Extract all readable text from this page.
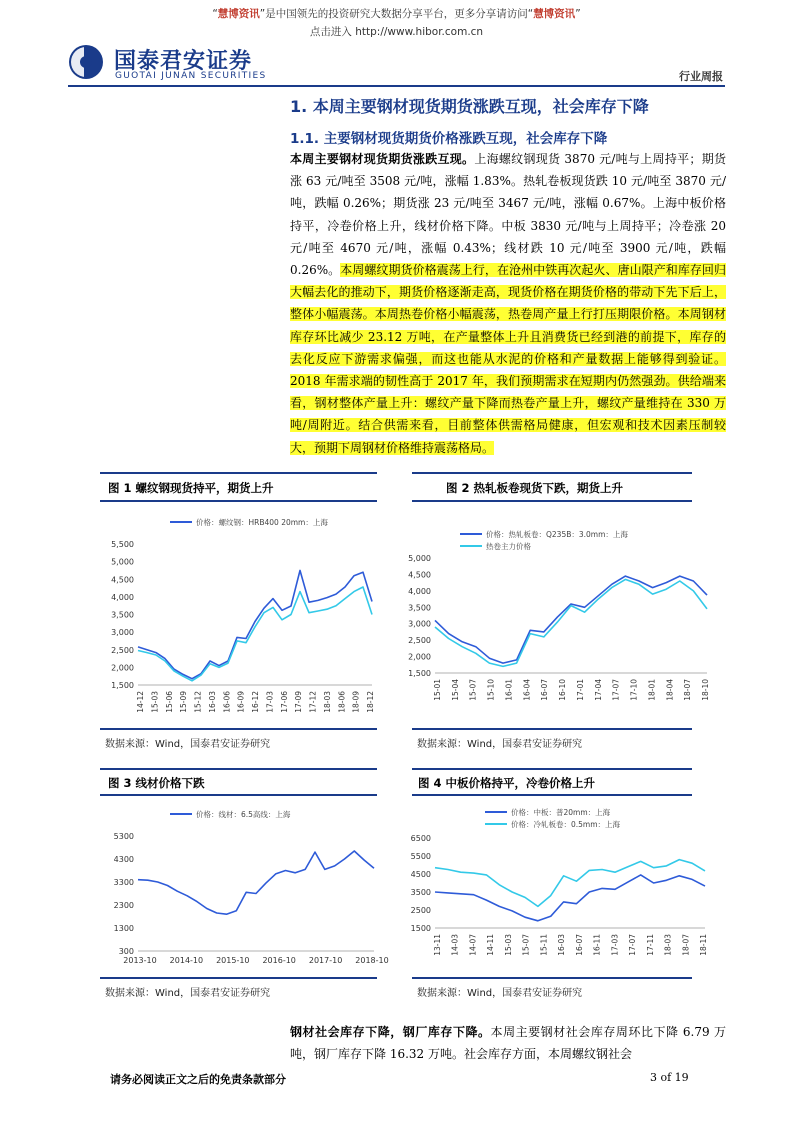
“慧博资讯”是中国领先的投资研究大数据分享平台，更多分享请访问“慧博资讯”
点击进入 http://www.hibor.com.cn
国泰君安证券
GUOTAI JUNAN SECURITIES	行业周报
1. 本周主要钢材现货期货涨跌互现，社会库存下降
1.1. 主要钢材现货期货价格涨跌互现，社会库存下降
本周主要钢材现货期货涨跌互现。上海螺纹钢现货 3870 元/吨与上周持平；期货涨 63 元/吨至 3508 元/吨，涨幅 1.83%。热轧卷板现货跌 10 元/吨至 3870 元/吨，跌幅 0.26%；期货涨 23 元/吨至 3467 元/吨，涨幅 0.67%。上海中板价格持平，冷卷价格上升，线材价格下降。中板 3830 元/吨与上周持平；冷卷涨 20 元/吨至 4670 元/吨，涨幅 0.43%；线材跌 10 元/吨至 3900 元/吨，跌幅 0.26%。本周螺纹期货价格震荡上行，在沧州中铁再次起火、唐山限产和库存回归大幅去化的推动下，期货价格逐渐走高，现货价格在期货价格的带动下先下后上，整体小幅震荡。本周热卷价格小幅震荡，热卷周产量上行打压期限价格。本周钢材库存环比减少 23.12 万吨，在产量整体上升且消费货已经到港的前提下，库存的去化反应下游需求偏强，而这也能从水泥的价格和产量数据上能够得到验证。2018 年需求端的韧性高于 2017 年，我们预期需求在短期内仍然强劲。供给端来看，钢材整体产量上升：螺纹产量下降而热卷产量上升，螺纹产量维持在 330 万吨/周附近。结合供需来看，目前整体供需格局健康，但宏观和技术因素压制较大，预期下周钢材价格维持震荡格局。
图 1 螺纹钢现货持平，期货上升	图 2 热轧板卷现货下跌，期货上升
价格：螺纹钢：HRB400 20mm：上海
5,500
5,000
4,500
4,000
3,500
3,000
2,500
2,000
1,500
14-12 15-03 15-06 15-09 15-12 16-03 16-06 16-09 16-12 17-03 17-06 17-09 17-12 18-03 18-06 18-09 18-12
价格：热轧板卷：Q235B：3.0mm：上海
热卷主力价格
5,000
4,500
4,000
3,500
3,000
2,500
2,000
1,500
15-01 15-04 15-07 15-10 16-01 16-04 16-07 16-10 17-01 17-04 17-07 17-10 18-01 18-04 18-07 18-10
数据来源：Wind，国泰君安证券研究	数据来源：Wind，国泰君安证券研究
图 3 线材价格下跌	图 4 中板价格持平，冷卷价格上升
价格：线材：6.5高线：上海
5300
4300
3300
2300
1300
300
2013-10 2014-10 2015-10 2016-10 2017-10 2018-10
价格：中板：普20mm：上海
价格：冷轧板卷：0.5mm：上海
6500
5500
4500
3500
2500
1500
13-11 14-03 14-07 14-11 15-03 15-07 15-11 16-03 16-07 16-11 17-03 17-07 17-11 18-03 18-07 18-11
数据来源：Wind，国泰君安证券研究	数据来源：Wind，国泰君安证券研究
钢材社会库存下降，钢厂库存下降。本周主要钢材社会库存周环比下降 6.79 万吨，钢厂库存下降 16.32 万吨。社会库存方面，本周螺纹钢社会
请务必阅读正文之后的免责条款部分	3 of 19
